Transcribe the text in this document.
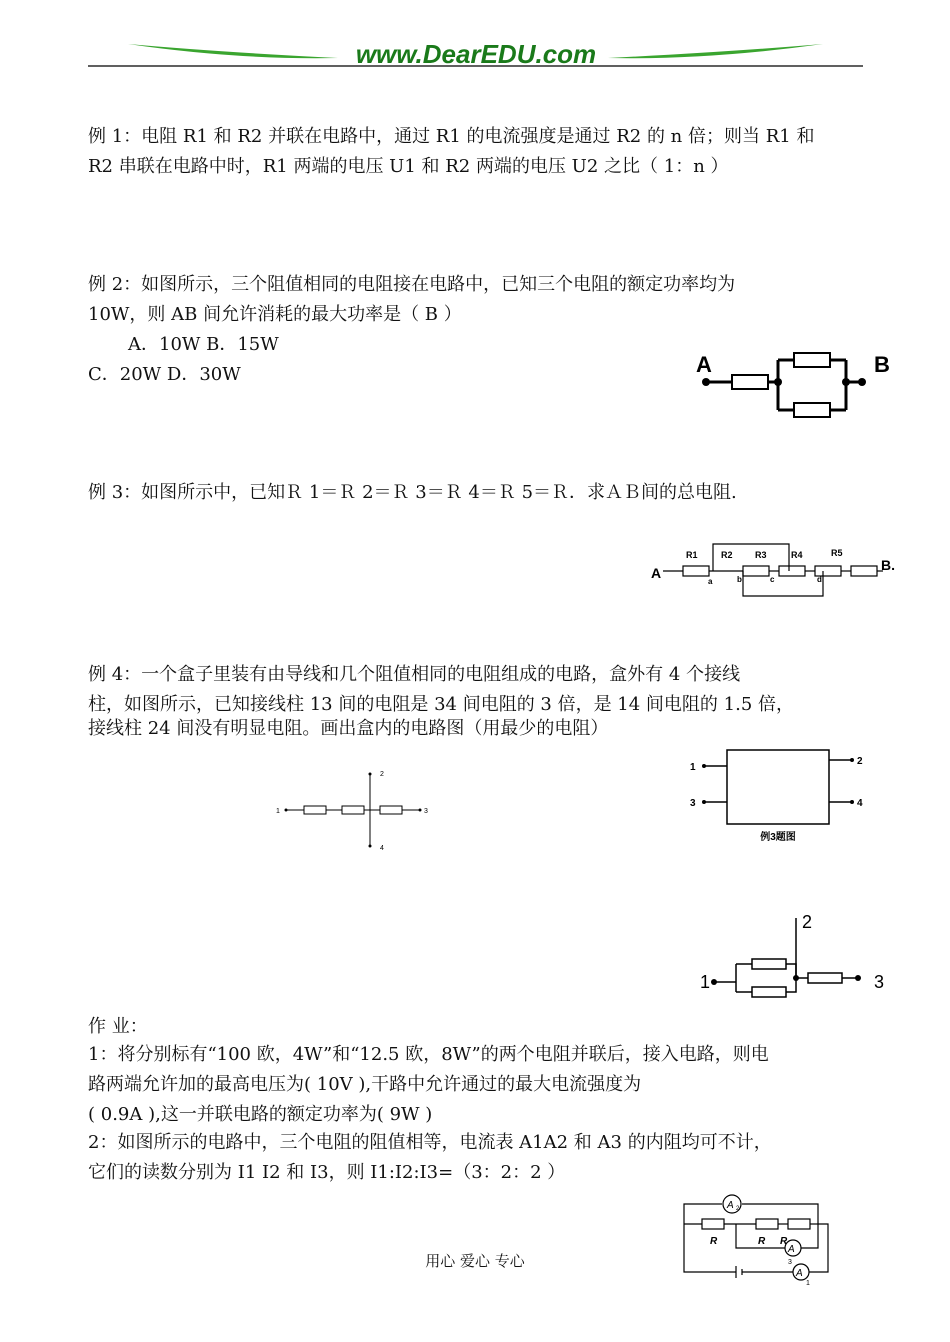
www.DearEDU.com
例 1：电阻 R1 和 R2 并联在电路中，通过 R1 的电流强度是通过 R2 的 n 倍；则当 R1 和
R2 串联在电路中时，R1 两端的电压 U1 和 R2 两端的电压 U2 之比（ 1：n ）
例 2：如图所示，三个阻值相同的电阻接在电路中，已知三个电阻的额定功率均为
10W，则 AB 间允许消耗的最大功率是（ B ）
A．10W B．15W
C．20W D．30W	A	B
例 3：如图所示中，已知Ｒ 1＝Ｒ 2＝Ｒ 3＝Ｒ 4＝Ｒ 5＝Ｒ．求ＡＢ间的总电阻.
A	B.
R1	R2 R3	R4	R5
a	b	c	d
例 4：一个盒子里装有由导线和几个阻值相同的电阻组成的电路，盒外有 4 个接线
柱，如图所示，已知接线柱 13 间的电阻是 34 间电阻的 3 倍，是 14 间电阻的 1.5 倍，
接线柱 24 间没有明显电阻。画出盒内的电路图（用最少的电阻）
1
2
3
4
1
3
2
4
例3题图
1
2
3
作 业：
1：将分别标有“100 欧，4W”和“12.5 欧，8W”的两个电阻并联后，接入电路，则电
路两端允许加的最高电压为( 10V ),干路中允许通过的最大电流强度为
( 0.9A ),这一并联电路的额定功率为( 9W )
2：如图所示的电路中，三个电阻的阻值相等，电流表 A1A2 和 A3 的内阻均可不计，
它们的读数分别为 I1 I2 和 I3，则 I1:I2:I3=（3：2：2 ）
A 2
A
3
A
1
R	R R
用心 爱心 专心
